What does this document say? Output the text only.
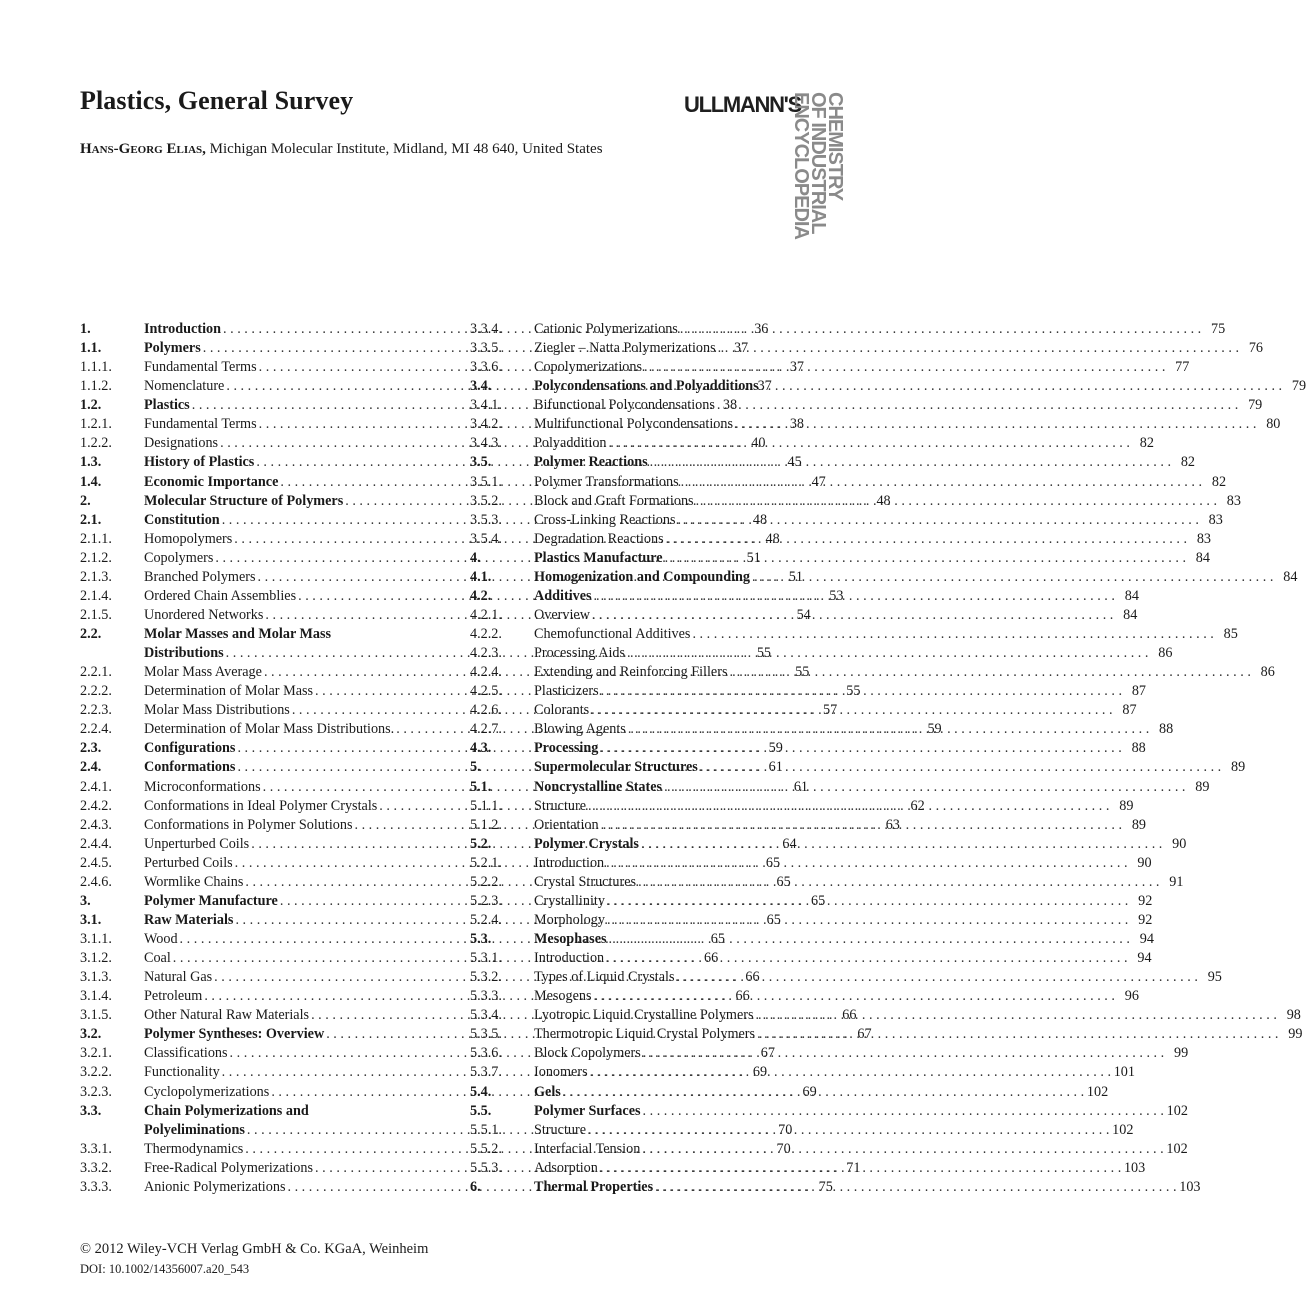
Plastics, General Survey
Hans-Georg Elias, Michigan Molecular Institute, Midland, MI 48 640, United States
ULLMANN'S
ENCYCLOPEDIA
OF INDUSTRIAL
CHEMISTRY
1.	Introduction . . .	36
1.1.	Polymers . . .	37
1.1.1.	Fundamental Terms . . .	37
1.1.2.	Nomenclature . . .	37
1.2.	Plastics . . .	38
1.2.1.	Fundamental Terms . . .	38
1.2.2.	Designations . . .	40
1.3.	History of Plastics . . .	45
1.4.	Economic Importance . . .	47
2.	Molecular Structure of Polymers . . .	48
2.1.	Constitution . . .	48
2.1.1.	Homopolymers . . .	48
2.1.2.	Copolymers . . .	51
2.1.3.	Branched Polymers . . .	51
2.1.4.	Ordered Chain Assemblies . . .	53
2.1.5.	Unordered Networks . . .	54
2.2.	Molar Masses and Molar Mass
Distributions . . .	55
2.2.1.	Molar Mass Average . . .	55
2.2.2.	Determination of Molar Mass . . .	55
2.2.3.	Molar Mass Distributions . . .	57
2.2.4.	Determination of Molar Mass Distributions. . . .	59
2.3.	Configurations . . .	59
2.4.	Conformations . . .	61
2.4.1.	Microconformations . . .	61
2.4.2.	Conformations in Ideal Polymer Crystals . . .	62
2.4.3.	Conformations in Polymer Solutions . . .	63
2.4.4.	Unperturbed Coils . . .	64
2.4.5.	Perturbed Coils . . .	65
2.4.6.	Wormlike Chains . . .	65
3.	Polymer Manufacture . . .	65
3.1.	Raw Materials . . .	65
3.1.1.	Wood . . .	65
3.1.2.	Coal . . .	66
3.1.3.	Natural Gas . . .	66
3.1.4.	Petroleum . . .	66
3.1.5.	Other Natural Raw Materials . . .	66
3.2.	Polymer Syntheses: Overview . . .	67
3.2.1.	Classifications . . .	67
3.2.2.	Functionality . . .	69
3.2.3.	Cyclopolymerizations . . .	69
3.3.	Chain Polymerizations and
Polyeliminations . . .	70
3.3.1.	Thermodynamics . . .	70
3.3.2.	Free-Radical Polymerizations . . .	71
3.3.3.	Anionic Polymerizations . . .	75
3.3.4.	Cationic Polymerizations . . .	75
3.3.5.	Ziegler – Natta Polymerizations . . .	76
3.3.6.	Copolymerizations . . .	77
3.4.	Polycondensations and Polyadditions . . .	79
3.4.1.	Bifunctional Polycondensations . . .	79
3.4.2.	Multifunctional Polycondensations . . .	80
3.4.3.	Polyaddition . . .	82
3.5.	Polymer Reactions . . .	82
3.5.1.	Polymer Transformations . . .	82
3.5.2.	Block and Graft Formations . . .	83
3.5.3.	Cross-Linking Reactions . . .	83
3.5.4.	Degradation Reactions . . .	83
4.	Plastics Manufacture . . .	84
4.1.	Homogenization and Compounding . . .	84
4.2.	Additives . . .	84
4.2.1.	Overview . . .	84
4.2.2.	Chemofunctional Additives . . .	85
4.2.3.	Processing Aids . . .	86
4.2.4.	Extending and Reinforcing Fillers . . .	86
4.2.5.	Plasticizers . . .	87
4.2.6.	Colorants . . .	87
4.2.7.	Blowing Agents . . .	88
4.3.	Processing . . .	88
5.	Supermolecular Structures . . .	89
5.1.	Noncrystalline States . . .	89
5.1.1.	Structure . . .	89
5.1.2.	Orientation . . .	89
5.2.	Polymer Crystals . . .	90
5.2.1.	Introduction . . .	90
5.2.2.	Crystal Structures . . .	91
5.2.3.	Crystallinity . . .	92
5.2.4.	Morphology . . .	92
5.3.	Mesophases . . .	94
5.3.1.	Introduction . . .	94
5.3.2.	Types of Liquid Crystals . . .	95
5.3.3.	Mesogens . . .	96
5.3.4.	Lyotropic Liquid Crystalline Polymers . . .	98
5.3.5.	Thermotropic Liquid Crystal Polymers . . .	99
5.3.6.	Block Copolymers . . .	99
5.3.7.	Ionomers . . .	101
5.4.	Gels . . .	102
5.5.	Polymer Surfaces . . .	102
5.5.1.	Structure . . .	102
5.5.2.	Interfacial Tension . . .	102
5.5.3.	Adsorption . . .	103
6.	Thermal Properties . . .	103
© 2012 Wiley-VCH Verlag GmbH & Co. KGaA, Weinheim
DOI: 10.1002/14356007.a20_543
